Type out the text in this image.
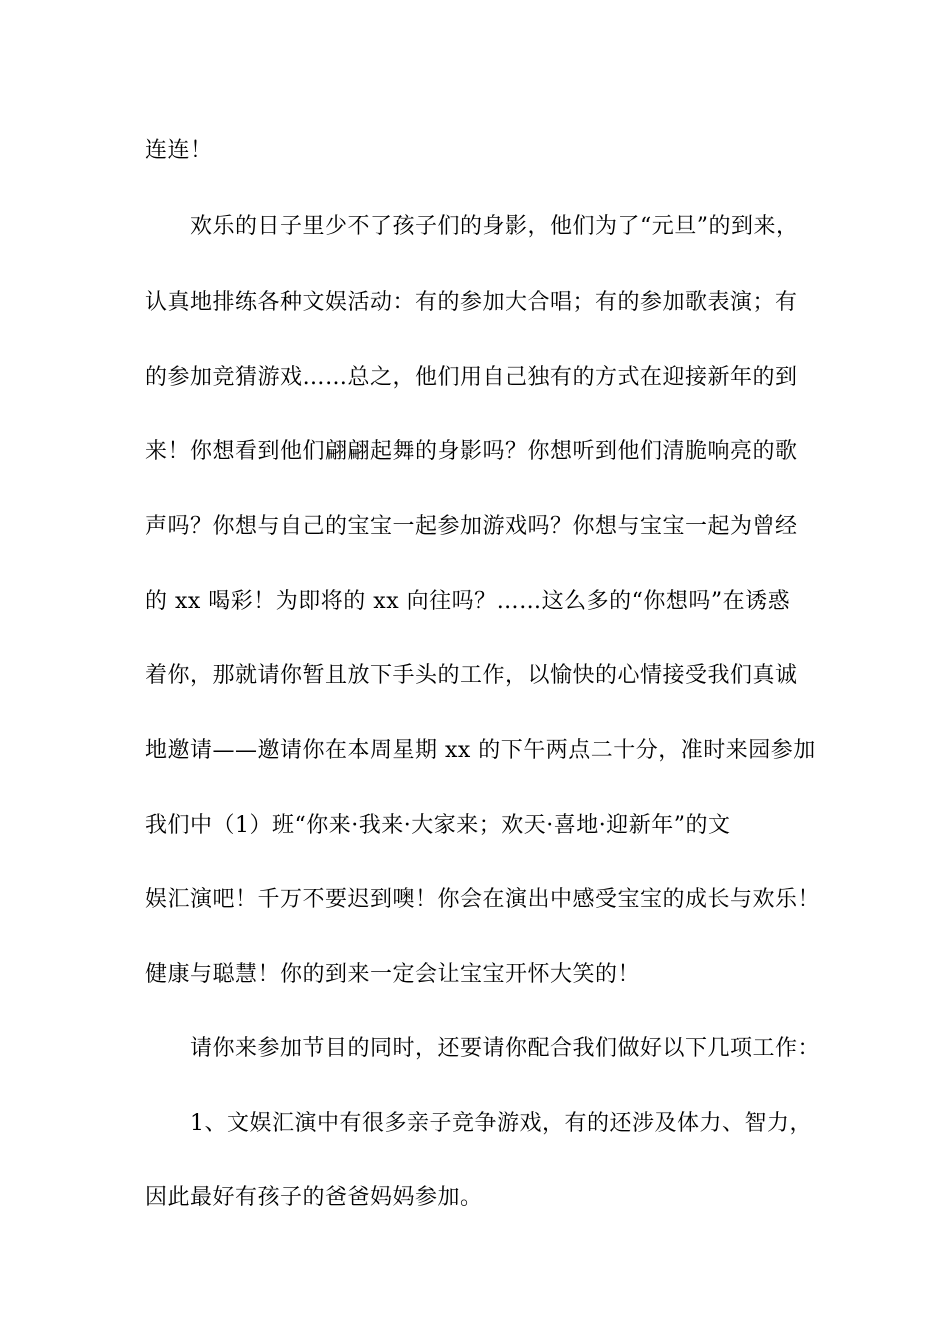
连连！
欢乐的日子里少不了孩子们的身影，他们为了“元旦”的到来，
认真地排练各种文娱活动：有的参加大合唱；有的参加歌表演；有
的参加竞猜游戏……总之，他们用自己独有的方式在迎接新年的到
来！你想看到他们翩翩起舞的身影吗？你想听到他们清脆响亮的歌
声吗？你想与自己的宝宝一起参加游戏吗？你想与宝宝一起为曾经
的 xx 喝彩！为即将的 xx 向往吗？……这么多的“你想吗”在诱惑
着你，那就请你暂且放下手头的工作，以愉快的心情接受我们真诚
地邀请——邀请你在本周星期 xx 的下午两点二十分，准时来园参加
我们中（1）班“你来·我来·大家来；欢天·喜地·迎新年”的文
娱汇演吧！千万不要迟到噢！你会在演出中感受宝宝的成长与欢乐！
健康与聪慧！你的到来一定会让宝宝开怀大笑的！
请你来参加节目的同时，还要请你配合我们做好以下几项工作：
1、文娱汇演中有很多亲子竞争游戏，有的还涉及体力、智力，
因此最好有孩子的爸爸妈妈参加。
